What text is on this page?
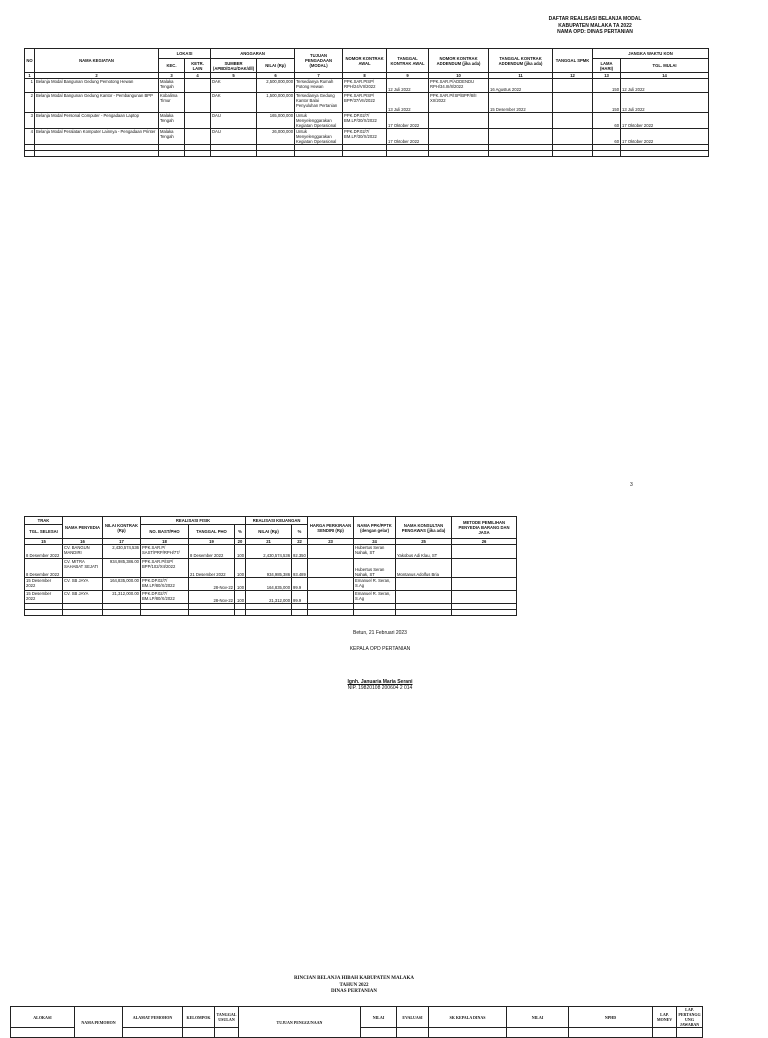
DAFTAR REALISASI BELANJA MODAL
KABUPATEN MALAKA TA 2022
NAMA OPD: DINAS PERTANIAN
NO	NAMA KEGIATAN	LOKASI		ANGGARAN		TUJUAN PENGADAAN (MODAL)	NOMOR KONTRAK AWAL	TANGGAL KONTRAK AWAL	NOMOR KONTRAK ADDENDUM (jika ada)	TANGGAL KONTRAK ADDENDUM (jika ada)	TANGGAL SPMK	JANGKA WAKTU KON	
		KEC.	KETR. LAIN	SUMBER (APBD/DAU/DAK/dll)	NILAI (Rp)							LAMA (HARI)	TGL. MULAI
1	2	3	4	5	6	7	8	9	10	11	12	13	14
1	Belanja Modal Bangunan Gedung Pemotong Hewan	Malaka Tengah		DAK	2,500,000,000	Tersedianya Rumah Potong Hewan	PPK.SAR.PISP/ RPH/24/VII/2022	12 Juli 2022	PPK.SAR.P/ADDENDU RPH/34.III/8/2022	16 Agustus 2022		150	12 Juli 2022
2	Belanja Modal Bangunan Gedung Kantor - Pembangunan BPP	Kobalima Timur		DAK	1,500,000,000	Tersedianya Gedung Kantor Balai Penyuluhan Pertanian	PPK.SAR.PISP/ BPP/37/VII/2022	13 Juli 2022	PPK.SAR.P/ISP/BPP/8/II XII/2022	15 Desember 2022		150	13 Juli 2022
3	Belanja Modal Personal Computer - Pengadaan Laptop	Malaka Tengah		DAU	165,000,000	Untuk Menyelenggarakan Kegiatan Operasional	PPK.DP.02/7/ BM.LP/30/X/2022	17 Oktober 2022				60	17 Oktober 2022
4	Belanja Modal Peralatan Komputer Lainnya - Pengadaan Printer	Malaka Tengah		DAU	26,000,000	Untuk Menyelenggarakan Kegiatan Operasional	PPK.DP.02/7/ BM.LP/30/X/2022	17 Oktober 2022				60	17 Oktober 2022

3
TRAK	NAMA PENYEDIA	NILAI KONTRAK (Rp)	REALISASI FISIK			REALISASI KEUANGAN		HARGA PERKIRAAN SENDIRI (Rp)	NAMA PPK/PPTK (dengan gelar)	NAMA KONSULTAN PENGAWAS (jika ada)	METODE PEMILIHAN PENYEDIA BARANG DAN JASA
TGL. SELESAI			NO. BAST/PHO	TANGGAL PHO	%	NILAI (Rp)	%				
15	16	17	18	19	20	21	22	23	24	25	26
8 Desember 2022	CV. BANGUN MANDIRI	2,430,574,536	PPK.SAR.P/ SAST/PRP/RPH/77/	8 Desember 2022	100	2,430,574,536	92.350		Hubertus Seran Nahak, ST	Yakobus Adi Klau, ST	
8 Desember 2022	CV. MITRA SAHABAT SEJATI	934,985,386.00	PPK.SAR.P/ISP/ BPP/102/XII/2022	21 Desember 2022	100	934,985,386	93.489		Hubertus Seran Nahak, ST	Montanus Adolfus Bria	
15 Desember 2022	CV. SB JAYA	164,835,000.00	PPK.DP.02/7/ BM.LP/80/X/2022	28-Nov-22	100	164,835,000	99.9		Emanuel R. Seran, S.Ag		
15 Desember 2022	CV. SB JAYA	21,312,000.00	PPK.DP.02/7/ BM.LP/80/X/2022	28-Nov-22	100	21,312,000	99.9		Emanuel R. Seran, S.Ag		

Betun, 21 Februari 2023
KEPALA OPD PERTANIAN
Ignh. Januaria Maria Serani
NIP. 19820108 200604 2 014
RINCIAN BELANJA HIBAH KABUPATEN MALAKA
TAHUN 2022
DINAS PERTANIAN
ALOKASI	NAMA PEMOHON	ALAMAT PEMOHON	KELOMPOK	TANGGAL USULAN	TUJUAN PENGGUNAAN	NILAI	EVALUASI	SK KEPALA DINAS	NILAI	NPHD	LAP. MONEV	LAP. PERTANGGUNG JAWABAN
